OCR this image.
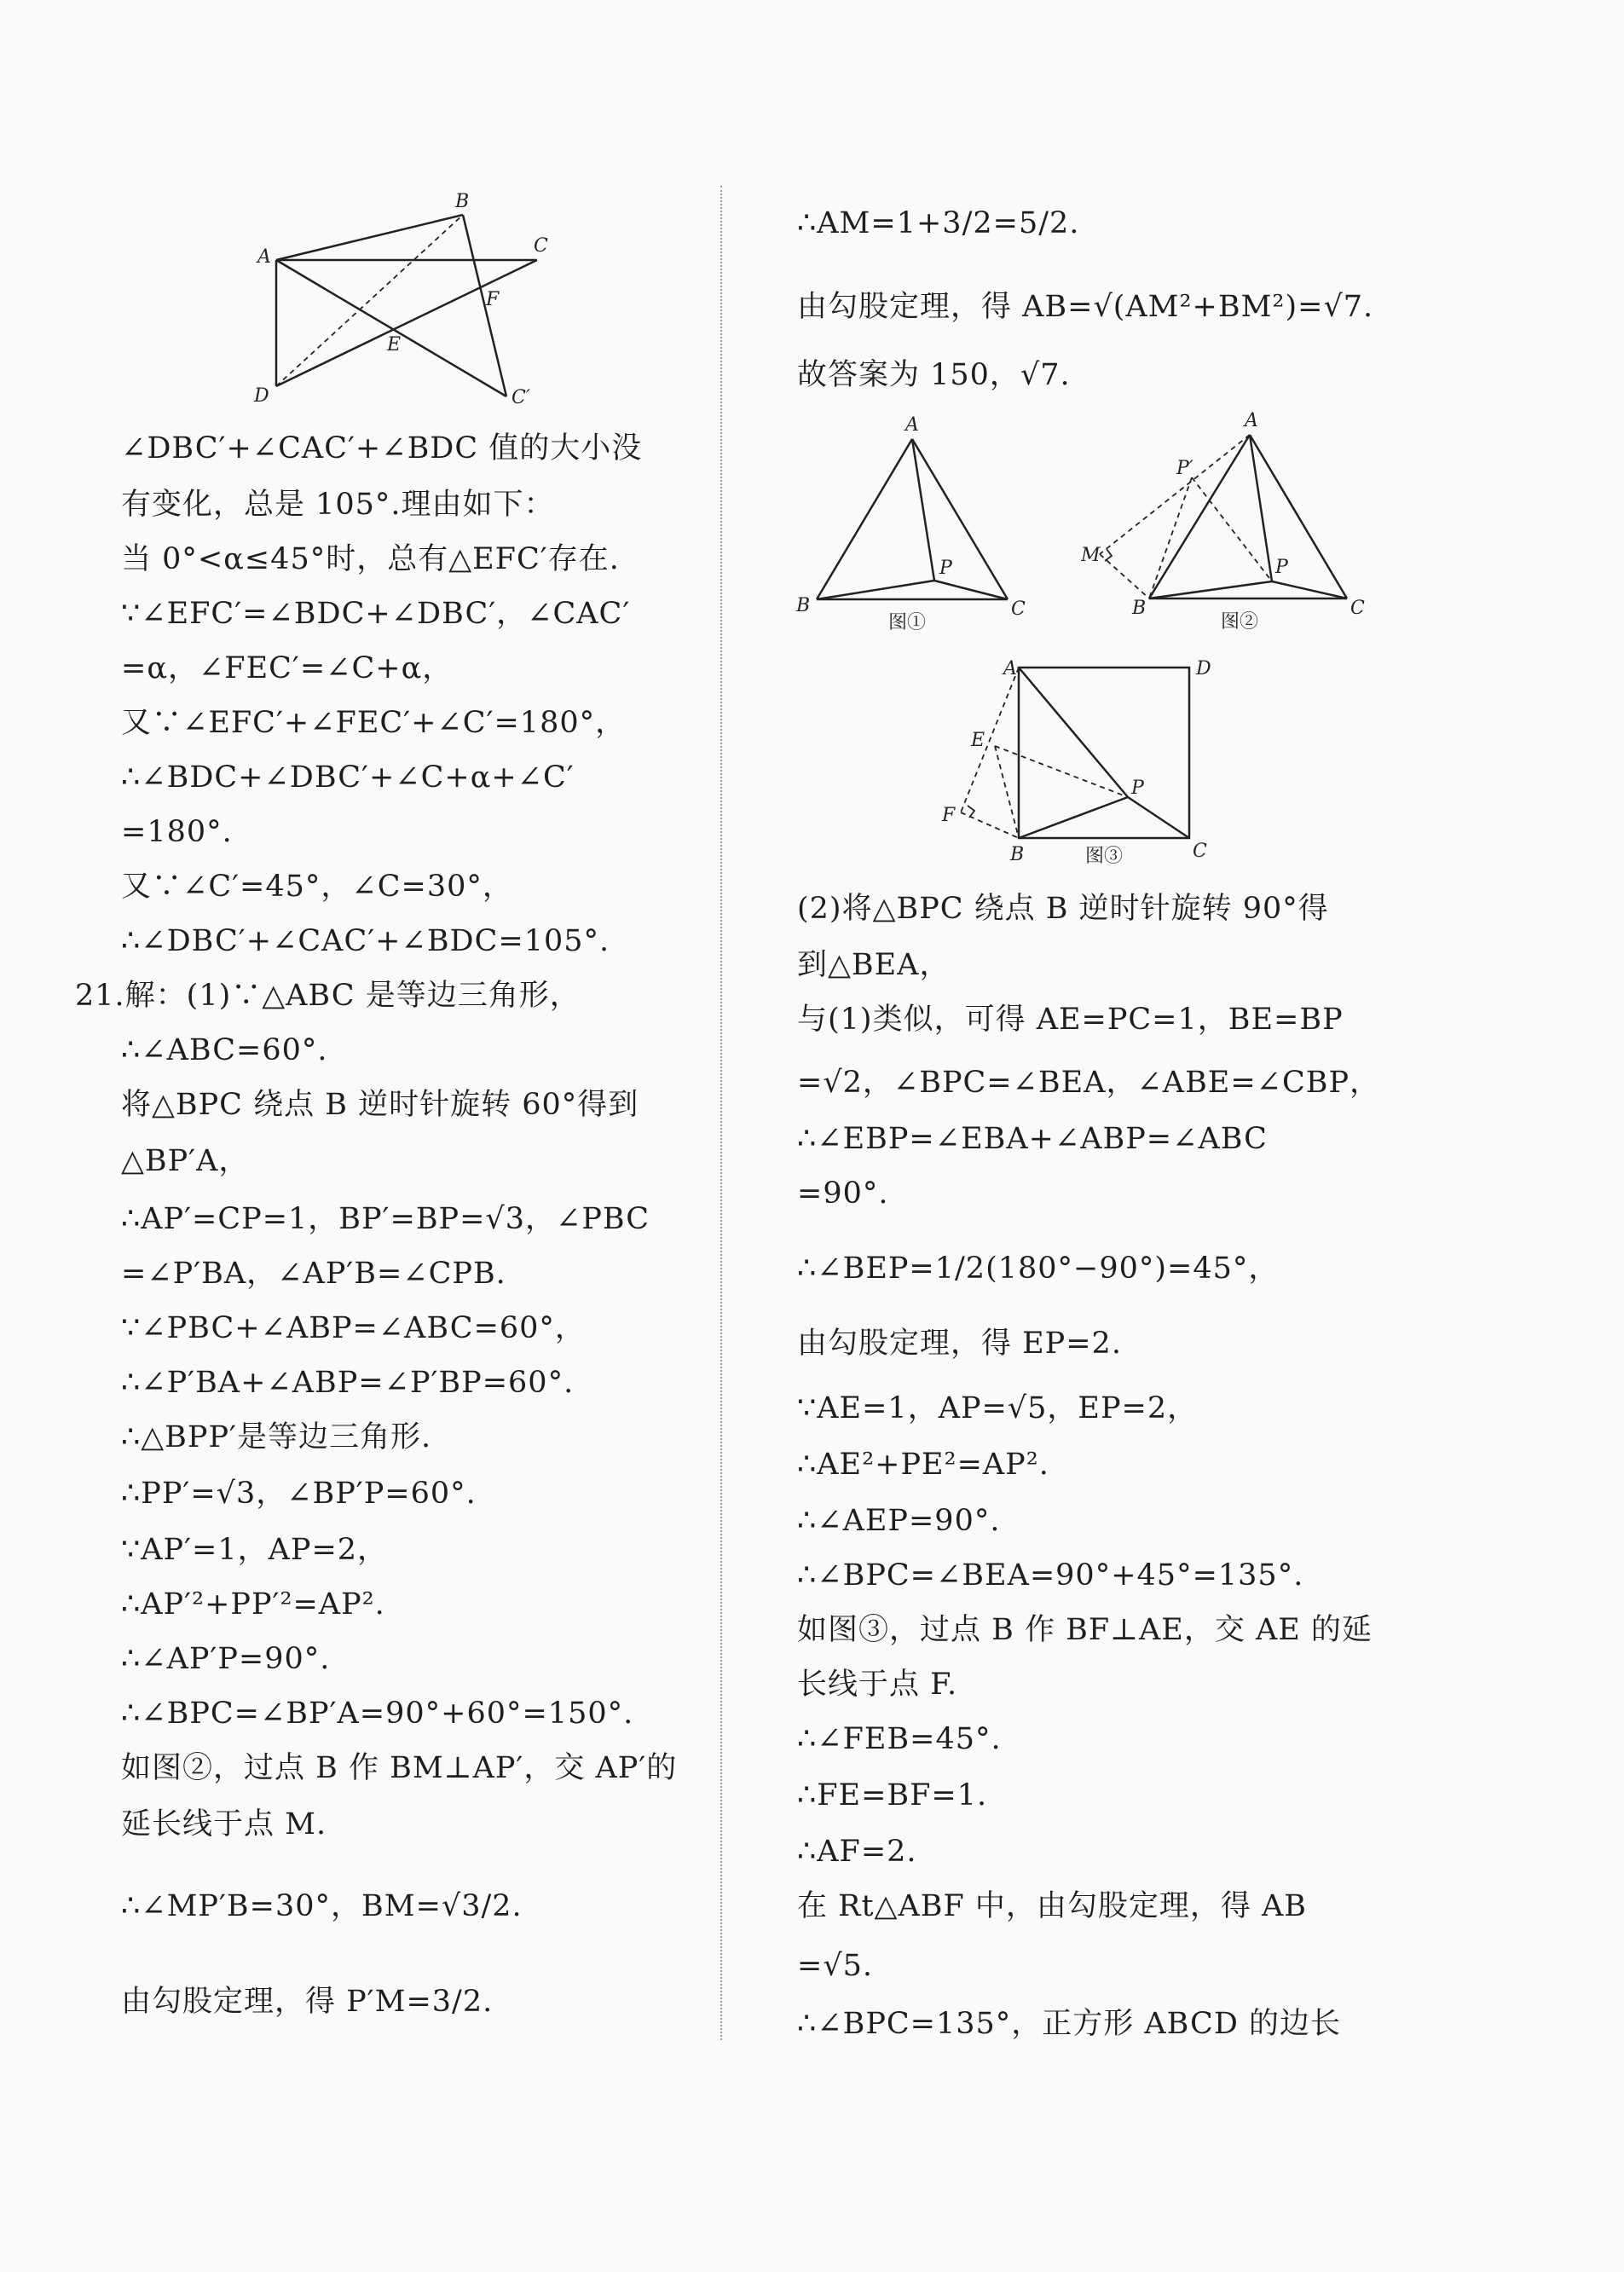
∠DBC′+∠CAC′+∠BDC 值的大小没
有变化，总是 105°.理由如下：
当 0°<α≤45°时，总有△EFC′存在.
∵∠EFC′=∠BDC+∠DBC′，∠CAC′
=α，∠FEC′=∠C+α，
又∵∠EFC′+∠FEC′+∠C′=180°，
∴∠BDC+∠DBC′+∠C+α+∠C′
=180°.
又∵∠C′=45°，∠C=30°，
∴∠DBC′+∠CAC′+∠BDC=105°.
21.解：(1)∵△ABC 是等边三角形，
∴∠ABC=60°.
将△BPC 绕点 B 逆时针旋转 60°得到
△BP′A，
∴AP′=CP=1，BP′=BP=√3，∠PBC
=∠P′BA，∠AP′B=∠CPB.
∵∠PBC+∠ABP=∠ABC=60°，
∴∠P′BA+∠ABP=∠P′BP=60°.
∴△BPP′是等边三角形.
∴PP′=√3，∠BP′P=60°.
∵AP′=1，AP=2，
∴AP′²+PP′²=AP².
∴∠AP′P=90°.
∴∠BPC=∠BP′A=90°+60°=150°.
如图②，过点 B 作 BM⊥AP′，交 AP′的
延长线于点 M.
∴∠MP′B=30°，BM=√3/2.
由勾股定理，得 P′M=3/2.
∴AM=1+3/2=5/2.
由勾股定理，得 AB=√(AM²+BM²)=√7.
故答案为 150，√7.
(2)将△BPC 绕点 B 逆时针旋转 90°得
到△BEA，
与(1)类似，可得 AE=PC=1，BE=BP
=√2，∠BPC=∠BEA，∠ABE=∠CBP，
∴∠EBP=∠EBA+∠ABP=∠ABC
=90°.
∴∠BEP=1/2(180°−90°)=45°，
由勾股定理，得 EP=2.
∵AE=1，AP=√5，EP=2，
∴AE²+PE²=AP².
∴∠AEP=90°.
∴∠BPC=∠BEA=90°+45°=135°.
如图③，过点 B 作 BF⊥AE，交 AE 的延
长线于点 F.
∴∠FEB=45°.
∴FE=BF=1.
∴AF=2.
在 Rt△ABF 中，由勾股定理，得 AB
=√5.
∴∠BPC=135°，正方形 ABCD 的边长
B
A
C
F
E
D	C′
A
B	C
P
图①
A
P′
M
P
B	C
图②
A	D
E
F
P
B	C
图③
